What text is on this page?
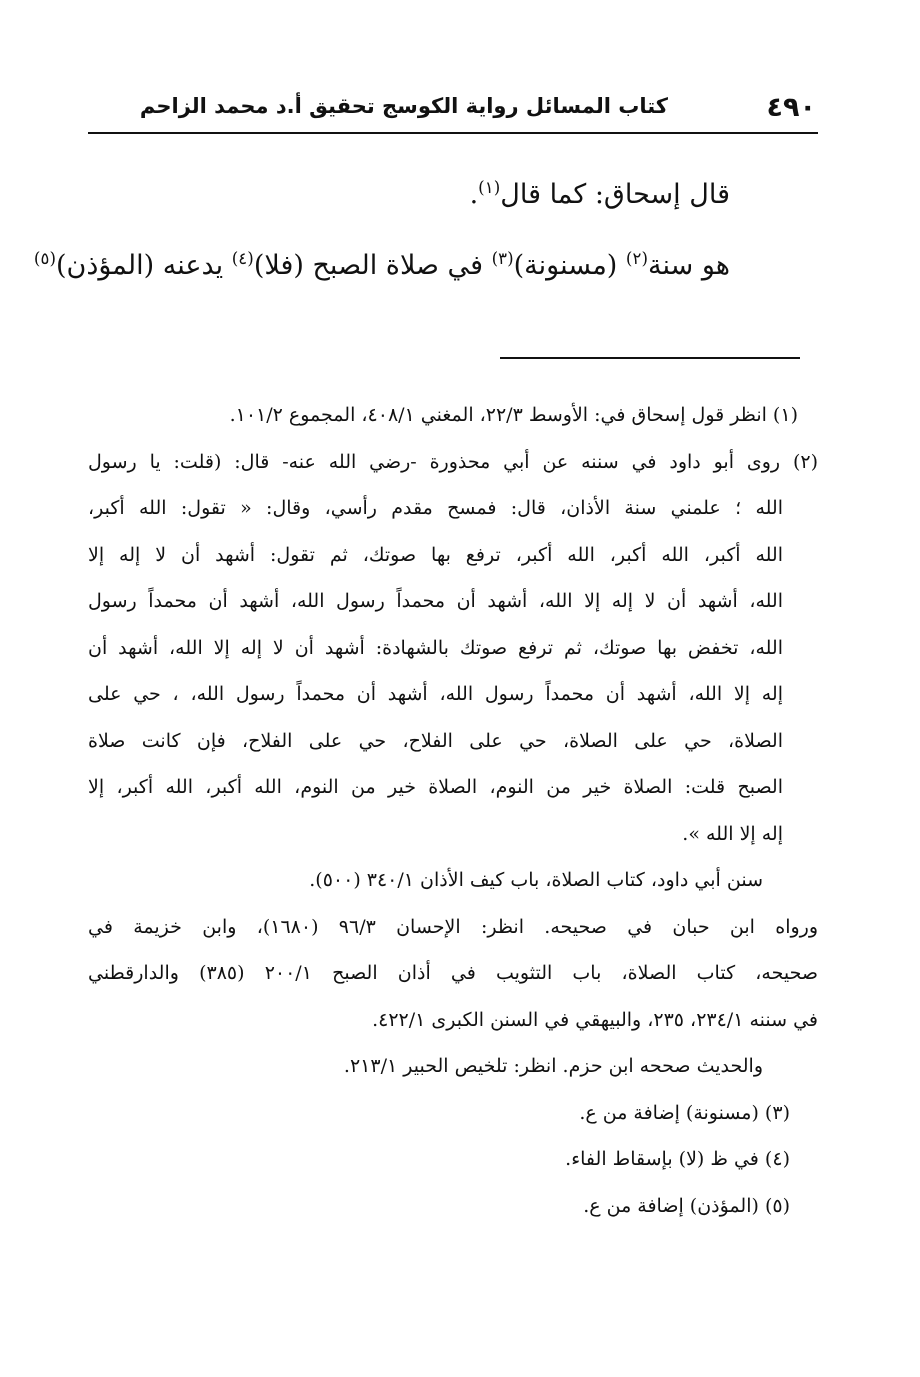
٤٩٠
كتاب المسائل رواية الكوسج تحقيق أ.د محمد الزاحم

قال إسحاق: كما قال$^{(١)}$.

هو سنة$^{(٢)}$ (مسنونة)$^{(٣)}$ في صلاة الصبح (فلا)$^{(٤)}$ يدعنه (المؤذن)$^{(٥)}$

(١) انظر قول إسحاق في: الأوسط ٢٢/٣، المغني ٤٠٨/١، المجموع ١٠١/٢.

(٢) روى أبو داود في سننه عن أبي محذورة -رضي الله عنه- قال: (قلت: يا رسول

الله ؛ علمني سنة الأذان، قال: فمسح مقدم رأسي، وقال: « تقول: الله أكبر،

الله أكبر، الله أكبر، الله أكبر، ترفع بها صوتك، ثم تقول: أشهد أن لا إله إلا

الله، أشهد أن لا إله إلا الله، أشهد أن محمداً رسول الله، أشهد أن محمداً رسول

الله، تخفض بها صوتك، ثم ترفع صوتك بالشهادة: أشهد أن لا إله إلا الله، أشهد أن

إله إلا الله، أشهد أن محمداً رسول الله، أشهد أن محمداً رسول الله، ، حي على

الصلاة، حي على الصلاة، حي على الفلاح، حي على الفلاح، فإن كانت صلاة

الصبح قلت: الصلاة خير من النوم، الصلاة خير من النوم، الله أكبر، الله أكبر، إلا

إله إلا الله ».

سنن أبي داود، كتاب الصلاة، باب كيف الأذان ٣٤٠/١ (٥٠٠).

ورواه ابن حبان في صحيحه. انظر: الإحسان ٩٦/٣ (١٦٨٠)، وابن خزيمة في

صحيحه، كتاب الصلاة، باب التثويب في أذان الصبح ٢٠٠/١ (٣٨٥) والدارقطني

في سننه ٢٣٤/١، ٢٣٥، والبيهقي في السنن الكبرى ٤٢٢/١.

والحديث صححه ابن حزم. انظر: تلخيص الحبير ٢١٣/١.

(٣) (مسنونة) إضافة من ع.

(٤) في ظ (لا) بإسقاط الفاء.

(٥) (المؤذن) إضافة من ع.
